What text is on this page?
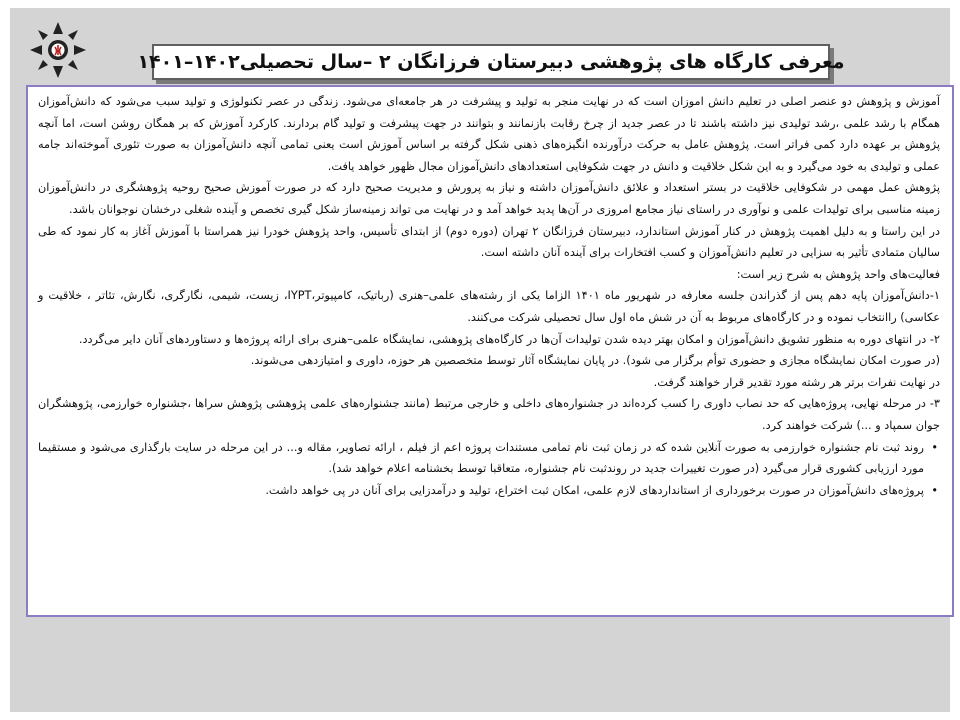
معرفی کارگاه های پژوهشی دبیرستان فرزانگان ۲ –سال تحصیلی۱۴۰۲–۱۴۰۱

آموزش و پژوهش دو عنصر اصلی در تعلیم دانش اموزان است که در نهایت منجر به تولید و پیشرفت در هر جامعه‌ای می‌شود. زندگی در عصر تکنولوژی و تولید سبب می‌شود که دانش‌آموزان همگام با رشد علمی ،رشد تولیدی نیز داشته باشند تا در عصر جدید از چرخ رقابت بازنمانند و بتوانند در جهت پیشرفت و تولید گام بردارند. کارکرد آموزش که بر همگان روشن است، اما آنچه پژوهش بر عهده دارد کمی فراتر است. پژوهش عامل به حرکت درآورنده انگیزه‌های ذهنی شکل گرفته بر اساس آموزش است یعنی تمامی آنچه دانش‌آموزان به صورت تئوری آموخته‌اند جامه عملی و تولیدی به خود می‌گیرد و به این شکل خلاقیت و دانش در جهت شکوفایی استعدادهای دانش‌آموزان مجال ظهور خواهد یافت.

پژوهش عمل مهمی در شکوفایی خلاقیت در بستر استعداد و علائق دانش‌آموزان داشته و نیاز به پرورش و مدیریت صحیح دارد که در صورت آموزش صحیح روحیه پژوهشگری در دانش‌آموزان زمینه مناسبی برای تولیدات علمی و نوآوری در راستای نیاز مجامع امروزی در آن‌ها پدید خواهد آمد و در نهایت می تواند زمینه‌ساز شکل گیری تخصص و آینده شغلی درخشان نوجوانان باشد.

در این راستا و به دلیل اهمیت پژوهش در کنار آموزش استاندارد، دبیرستان فرزانگان ۲ تهران (دوره دوم) از ابتدای تأسیس، واحد پژوهش خودرا نیز همراستا با آموزش آغاز به کار نمود که طی سالیان متمادی تأثیر به سزایی در تعلیم دانش‌آموزان و کسب افتخارات برای آینده آنان داشته است.

فعالیت‌های واحد پژوهش به شرح زیر است:

۱-دانش‌آموزان پایه دهم پس از گذراندن جلسه معارفه در شهریور ماه ۱۴۰۱ الزاما یکی از رشته‌های علمی–هنری (رباتیک، کامپیوتر،IYPT، زیست، شیمی، نگارگری، نگارش، تئاتر ، خلاقیت و عکاسی) راانتخاب نموده و در کارگاه‌های مربوط به آن در شش ماه اول سال تحصیلی شرکت می‌کنند.

۲- در انتهای دوره به منظور تشویق دانش‌آموزان و امکان بهتر دیده شدن تولیدات آن‌ها در کارگاه‌های پژوهشی، نمایشگاه علمی–هنری برای ارائه پروژه‌ها و دستاوردهای آنان دایر می‌گردد.

(در صورت امکان نمایشگاه مجازی و حضوری توأم برگزار می شود). در پایان نمایشگاه آثار توسط متخصصین هر حوزه، داوری و امتیازدهی می‌شوند.

در نهایت نفرات برتر هر رشته مورد تقدیر قرار خواهند گرفت.

۳- در مرحله نهایی، پروژه‌هایی که حد نصاب داوری را کسب کرده‌اند در جشنواره‌های داخلی و خارجی مرتبط (مانند جشنواره‌های علمی پژوهشی پژوهش سراها ،جشنواره خوارزمی، پژوهشگران جوان سمپاد و ...) شرکت خواهند کرد.

•
روند ثبت نام جشنواره خوارزمی به صورت آنلاین شده که در زمان ثبت نام تمامی مستندات پروژه اعم از فیلم ، ارائه تصاویر، مقاله و... در این مرحله در سایت بارگذاری می‌شود و مستقیما مورد ارزیابی کشوری قرار می‌گیرد (در صورت تغییرات جدید در روندثبت نام جشنواره، متعاقبا توسط بخشنامه اعلام خواهد شد).
•
پروژه‌های دانش‌آموزان در صورت برخورداری از استانداردهای لازم علمی، امکان ثبت اختراع، تولید و درآمدزایی برای آنان در پی خواهد داشت.
